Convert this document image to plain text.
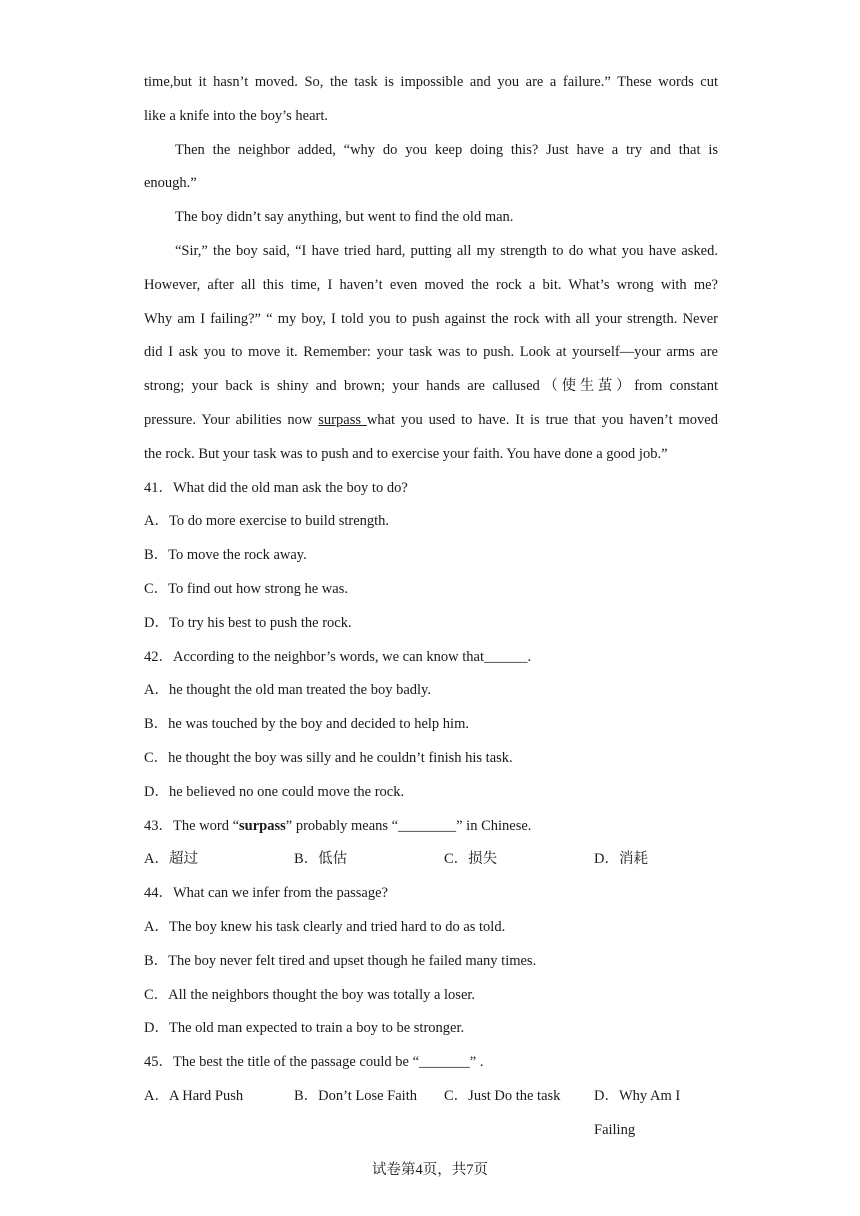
time,but it hasn’t moved. So, the task is impossible and you are a failure.” These words cut
like a knife into the boy’s heart.
Then the neighbor added, “why do you keep doing this? Just have a try and that is
enough.”
The boy didn’t say anything, but went to find the old man.
“Sir,” the boy said, “I have tried hard, putting all my strength to do what you have asked.
However, after all this time, I haven’t even moved the rock a bit. What’s wrong with me?
Why am I failing?” “ my boy, I told you to push against the rock with all your strength. Never
did I ask you to move it. Remember: your task was to push. Look at yourself—your arms are
strong; your back is shiny and brown; your hands are callused（使生茧）from constant
pressure. Your abilities now surpass what you used to have. It is true that you haven’t moved
the rock. But your task was to push and to exercise your faith. You have done a good job.”
41．What did the old man ask the boy to do?
A．To do more exercise to build strength.
B．To move the rock away.
C．To find out how strong he was.
D．To try his best to push the rock.
42．According to the neighbor’s words, we can know that______.
A．he thought the old man treated the boy badly.
B．he was touched by the boy and decided to help him.
C．he thought the boy was silly and he couldn’t finish his task.
D．he believed no one could move the rock.
43．The word “surpass” probably means “________” in Chinese.
A．超过	B．低估	C．损失	D．消耗
44．What can we infer from the passage?
A．The boy knew his task clearly and tried hard to do as told.
B．The boy never felt tired and upset though he failed many times.
C．All the neighbors thought the boy was totally a loser.
D．The old man expected to train a boy to be stronger.
45．The best the title of the passage could be “_______” .
A．A Hard Push	B．Don’t Lose Faith	C．Just Do the task	D．Why Am I Failing
试卷第4页，共7页
